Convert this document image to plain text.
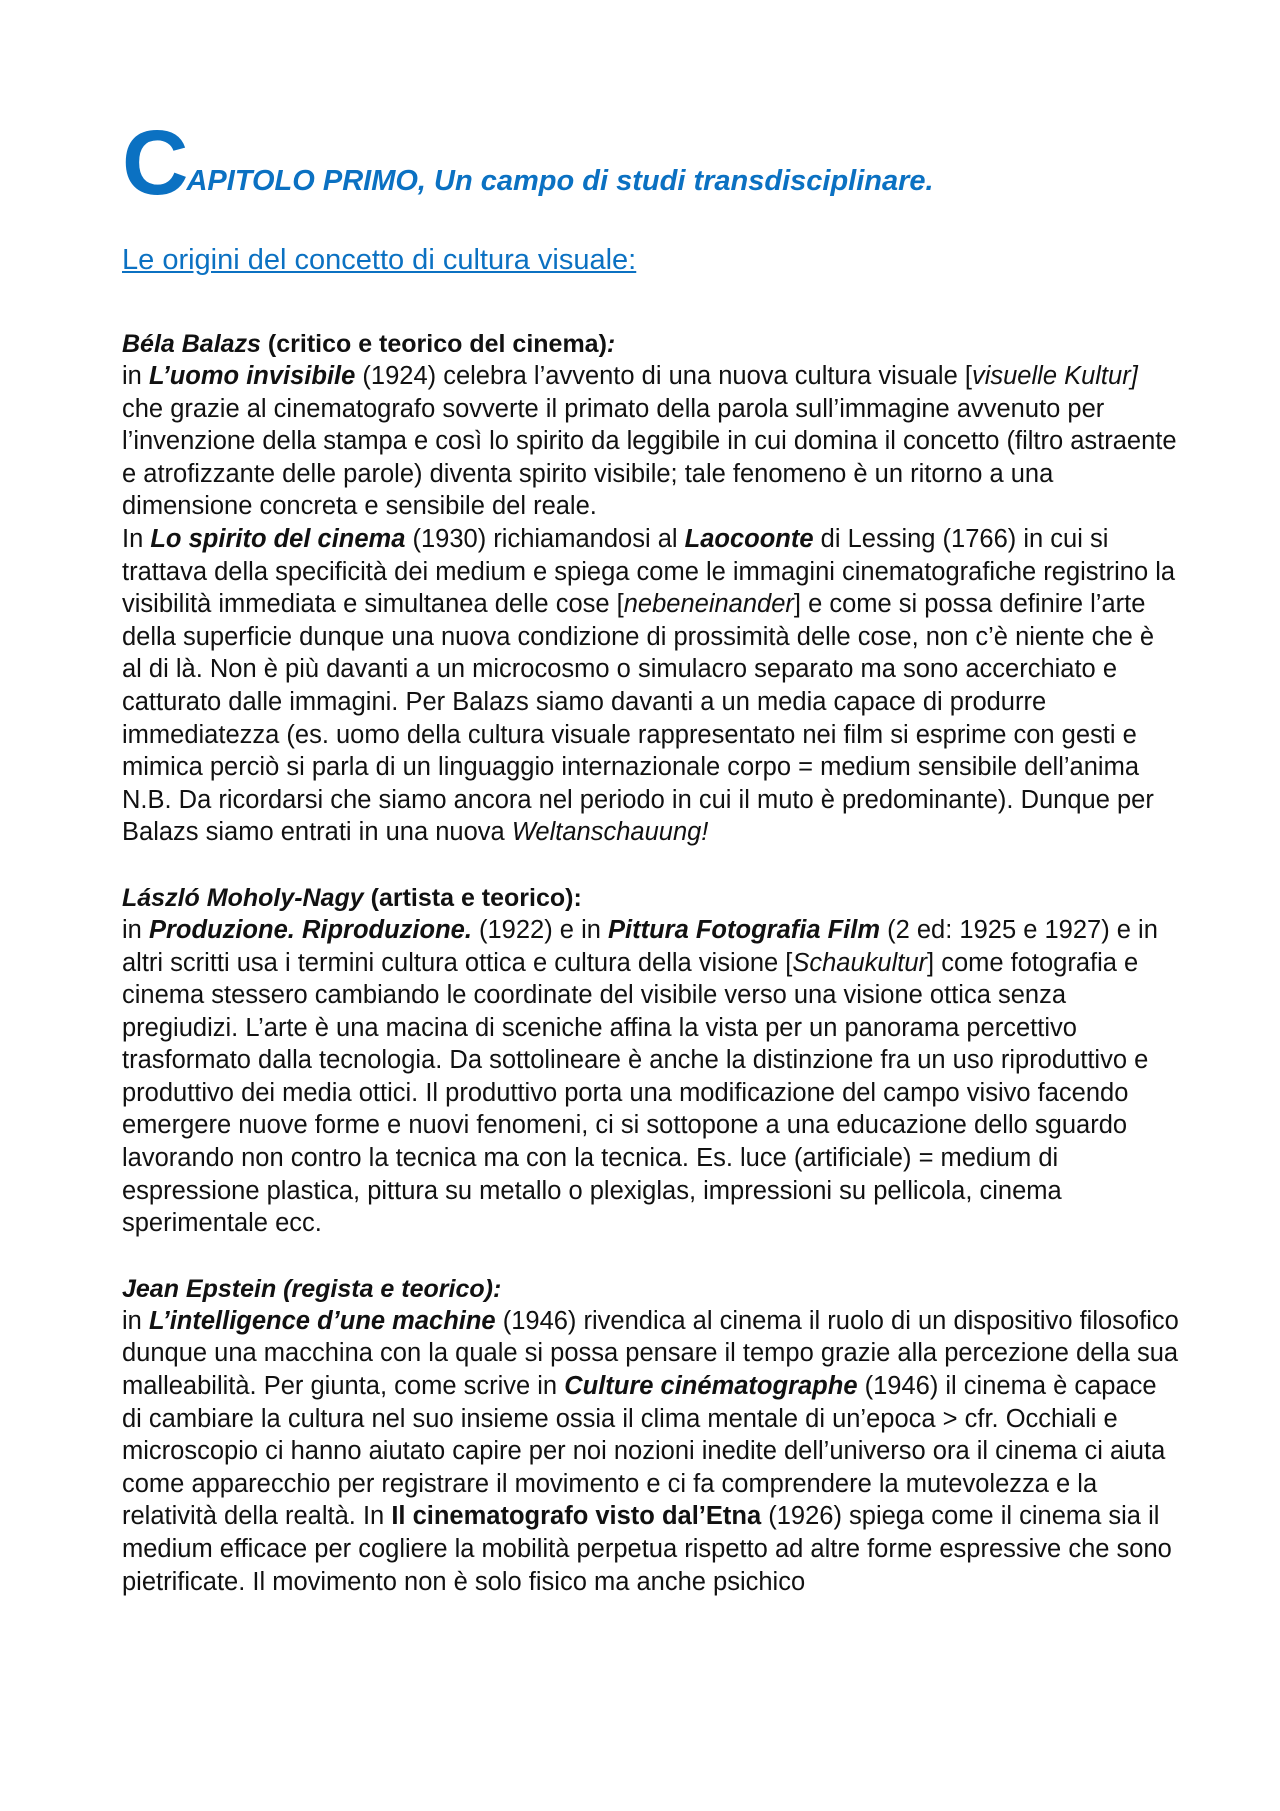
C APITOLO PRIMO, Un campo di studi transdisciplinare.
Le origini del concetto di cultura visuale:
Béla Balazs (critico e teorico del cinema):
in L’uomo invisibile (1924) celebra l’avvento di una nuova cultura visuale [visuelle Kultur] che grazie al cinematografo sovverte il primato della parola sull’immagine avvenuto per l’invenzione della stampa e così lo spirito da leggibile in cui domina il concetto (filtro astraente e atrofizzante delle parole) diventa spirito visibile; tale fenomeno è un ritorno a una dimensione concreta e sensibile del reale.
In Lo spirito del cinema (1930) richiamandosi al Laocoonte di Lessing (1766) in cui si trattava della specificità dei medium e spiega come le immagini cinematografiche registrino la visibilità immediata e simultanea delle cose [nebeneinander] e come si possa definire l’arte della superficie dunque una nuova condizione di prossimità delle cose, non c’è niente che è al di là. Non è più davanti a un microcosmo o simulacro separato ma sono accerchiato e catturato dalle immagini. Per Balazs siamo davanti a un media capace di produrre immediatezza (es. uomo della cultura visuale rappresentato nei film si esprime con gesti e mimica perciò si parla di un linguaggio internazionale corpo = medium sensibile dell’anima N.B. Da ricordarsi che siamo ancora nel periodo in cui il muto è predominante). Dunque per Balazs siamo entrati in una nuova Weltanschauung!
László Moholy-Nagy (artista e teorico):
in Produzione. Riproduzione. (1922) e in Pittura Fotografia Film (2 ed: 1925 e 1927) e in altri scritti usa i termini cultura ottica e cultura della visione [Schaukultur] come fotografia e cinema stessero cambiando le coordinate del visibile verso una visione ottica senza pregiudizi. L’arte è una macina di sceniche affina la vista per un panorama percettivo trasformato dalla tecnologia. Da sottolineare è anche la distinzione fra un uso riproduttivo e produttivo dei media ottici. Il produttivo porta una modificazione del campo visivo facendo emergere nuove forme e nuovi fenomeni, ci si sottopone a una educazione dello sguardo lavorando non contro la tecnica ma con la tecnica. Es. luce (artificiale) = medium di espressione plastica, pittura su metallo o plexiglas, impressioni su pellicola, cinema sperimentale ecc.
Jean Epstein (regista e teorico):
in L’intelligence d’une machine (1946) rivendica al cinema il ruolo di un dispositivo filosofico dunque una macchina con la quale si possa pensare il tempo grazie alla percezione della sua malleabilità. Per giunta, come scrive in Culture cinématographe (1946) il cinema è capace di cambiare la cultura nel suo insieme ossia il clima mentale di un’epoca > cfr. Occhiali e microscopio ci hanno aiutato capire per noi nozioni inedite dell’universo ora il cinema ci aiuta come apparecchio per registrare il movimento e ci fa comprendere la mutevolezza e la relatività della realtà. In Il cinematografo visto dal’Etna (1926) spiega come il cinema sia il medium efficace per cogliere la mobilità perpetua rispetto ad altre forme espressive che sono pietrificate. Il movimento non è solo fisico ma anche psichico
